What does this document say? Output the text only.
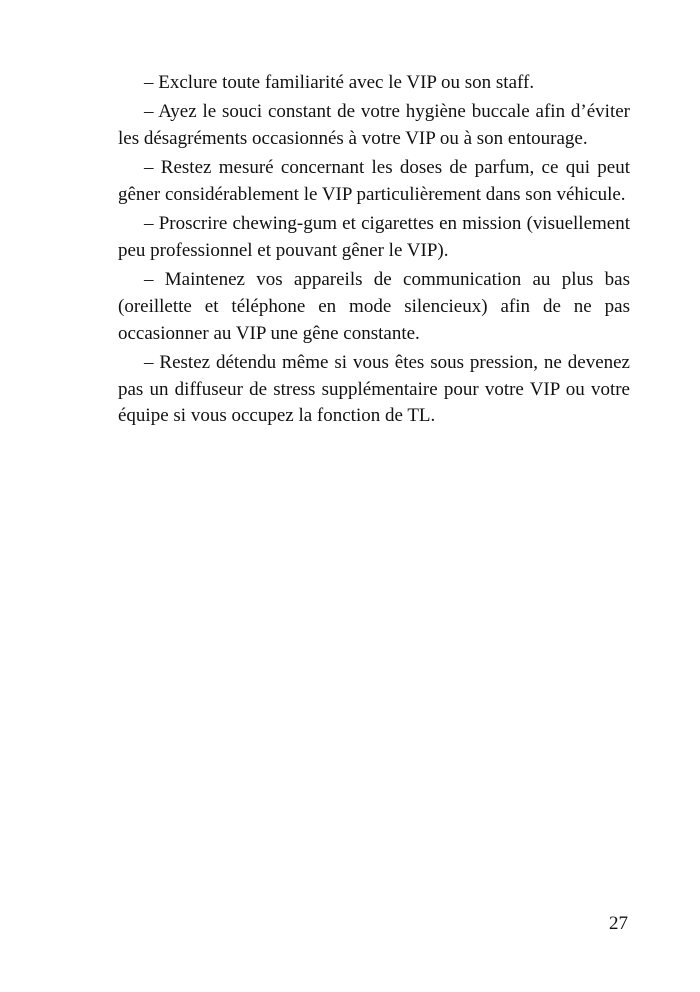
– Exclure toute familiarité avec le VIP ou son staff.

– Ayez le souci constant de votre hygiène buccale afin d’éviter les désagréments occasionnés à votre VIP ou à son entourage.

– Restez mesuré concernant les doses de parfum, ce qui peut gêner considérablement le VIP particulièrement dans son véhicule.

– Proscrire chewing-gum et cigarettes en mission (visuellement peu professionnel et pouvant gêner le VIP).

– Maintenez vos appareils de communication au plus bas (oreillette et téléphone en mode silencieux) afin de ne pas occasionner au VIP une gêne constante.

– Restez détendu même si vous êtes sous pression, ne devenez pas un diffuseur de stress supplémentaire pour votre VIP ou votre équipe si vous occupez la fonction de TL.

27
